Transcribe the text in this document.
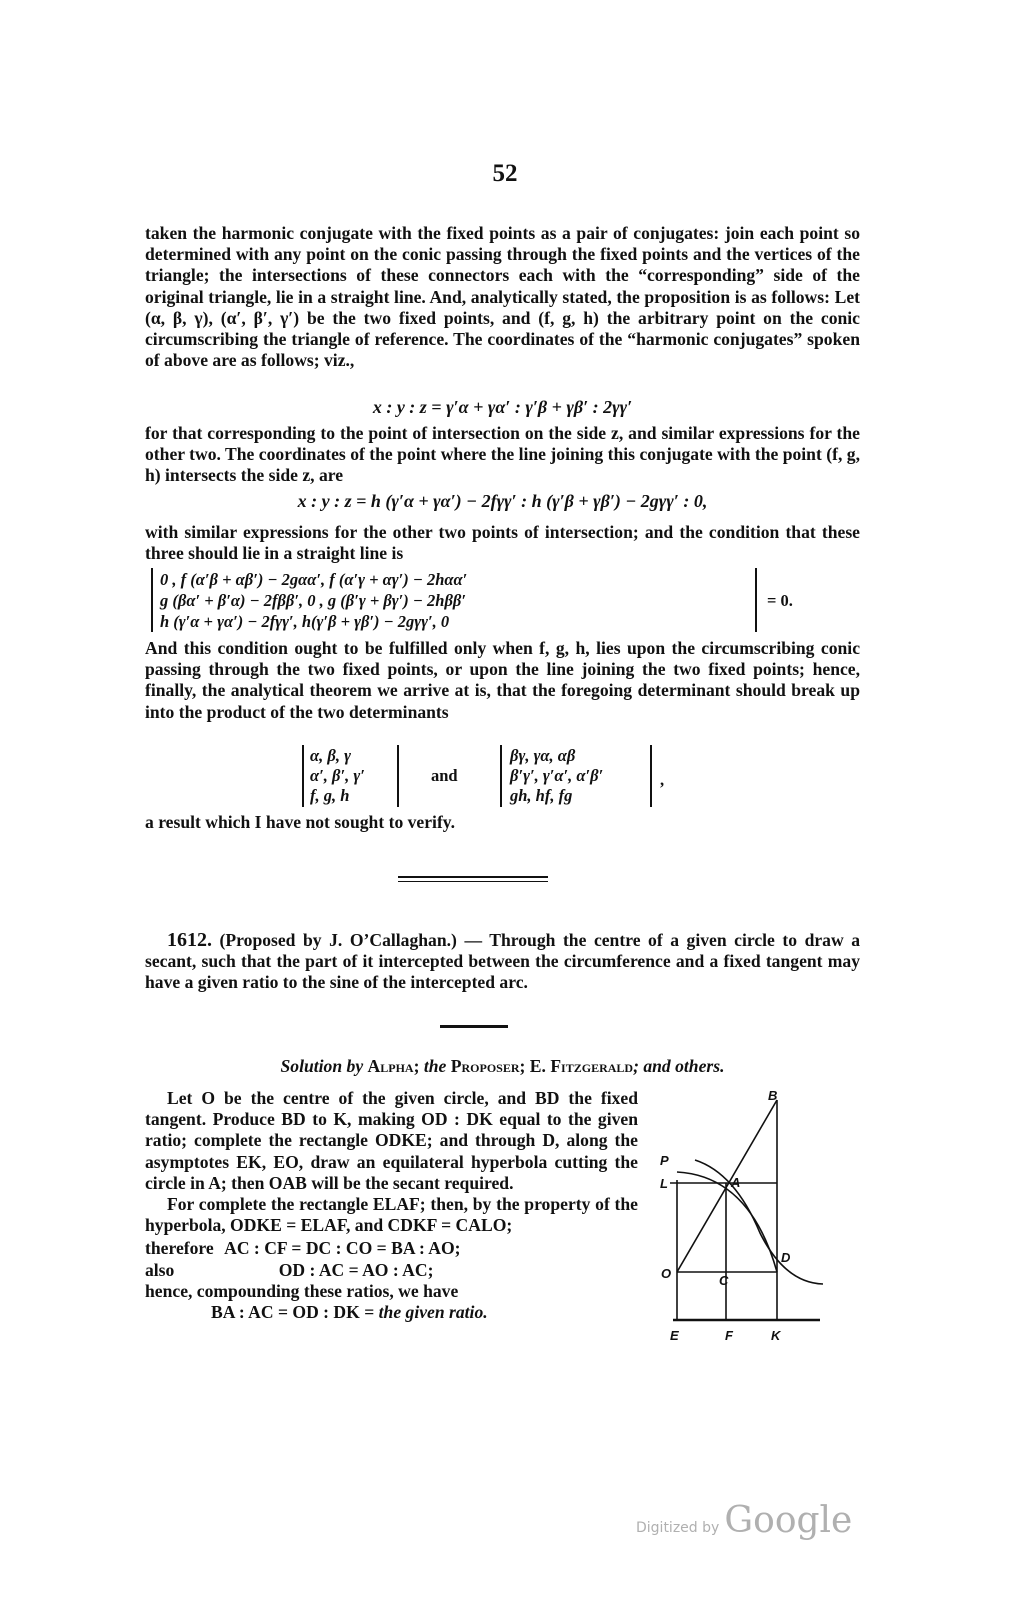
52

taken the harmonic conjugate with the fixed points as a pair of conjugates: join each point so determined with any point on the conic passing through the fixed points and the vertices of the triangle; the intersections of these connectors each with the “corresponding” side of the original triangle, lie in a straight line. And, analytically stated, the proposition is as follows: Let (α, β, γ), (α′, β′, γ′) be the two fixed points, and (f, g, h) the arbitrary point on the conic circumscribing the triangle of reference. The coordinates of the “harmonic conjugates” spoken of above are as follows; viz.,

x : y : z = γ′α + γα′ : γ′β + γβ′ : 2γγ′

for that corresponding to the point of intersection on the side z, and similar expressions for the other two. The coordinates of the point where the line joining this conjugate with the point (f, g, h) intersects the side z, are

x : y : z = h (γ′α + γα′) − 2fγγ′ : h (γ′β + γβ′) − 2gγγ′ : 0,

with similar expressions for the other two points of intersection; and the condition that these three should lie in a straight line is

0 , f (α′β + αβ′) − 2gαα′, f (α′γ + αγ′) − 2hαα′
g (βα′ + β′α) − 2fββ′, 0 , g (β′γ + βγ′) − 2hββ′
h (γ′α + γα′) − 2fγγ′, h(γ′β + γβ′) − 2gγγ′, 0
= 0.

And this condition ought to be fulfilled only when f, g, h, lies upon the circumscribing conic passing through the two fixed points, or upon the line joining the two fixed points; hence, finally, the analytical theorem we arrive at is, that the foregoing determinant should break up into the product of the two determinants

α, β, γ
α′, β′, γ′
f, g, h
and
βγ, γα, αβ
β′γ′, γ′α′, α′β′
gh, hf, fg
,

a result which I have not sought to verify.

1612. (Proposed by J. O’Callaghan.) — Through the centre of a given circle to draw a secant, such that the part of it intercepted between the circumference and a fixed tangent may have a given ratio to the sine of the intercepted arc.
Solution by Alpha; the Proposer; E. Fitzgerald; and others.

Let O be the centre of the given circle, and BD the fixed tangent. Produce BD to K, making OD : DK equal to the given ratio; complete the rectangle ODKE; and through D, along the asymptotes EK, EO, draw an equilateral hyperbola cutting the circle in A; then OAB will be the secant required.

For complete the rectangle ELAF; then, by the property of the hyperbola, ODKE = ELAF, and CDKF = CALO;

therefore AC : CF = DC : CO = BA : AO;

also	OD : AC = AO : AC;

hence, compounding these ratios, we have

BA : AC = OD : DK = the given ratio.

B
P
L	A
D
O	C
E	F	K
Digitized by Google
